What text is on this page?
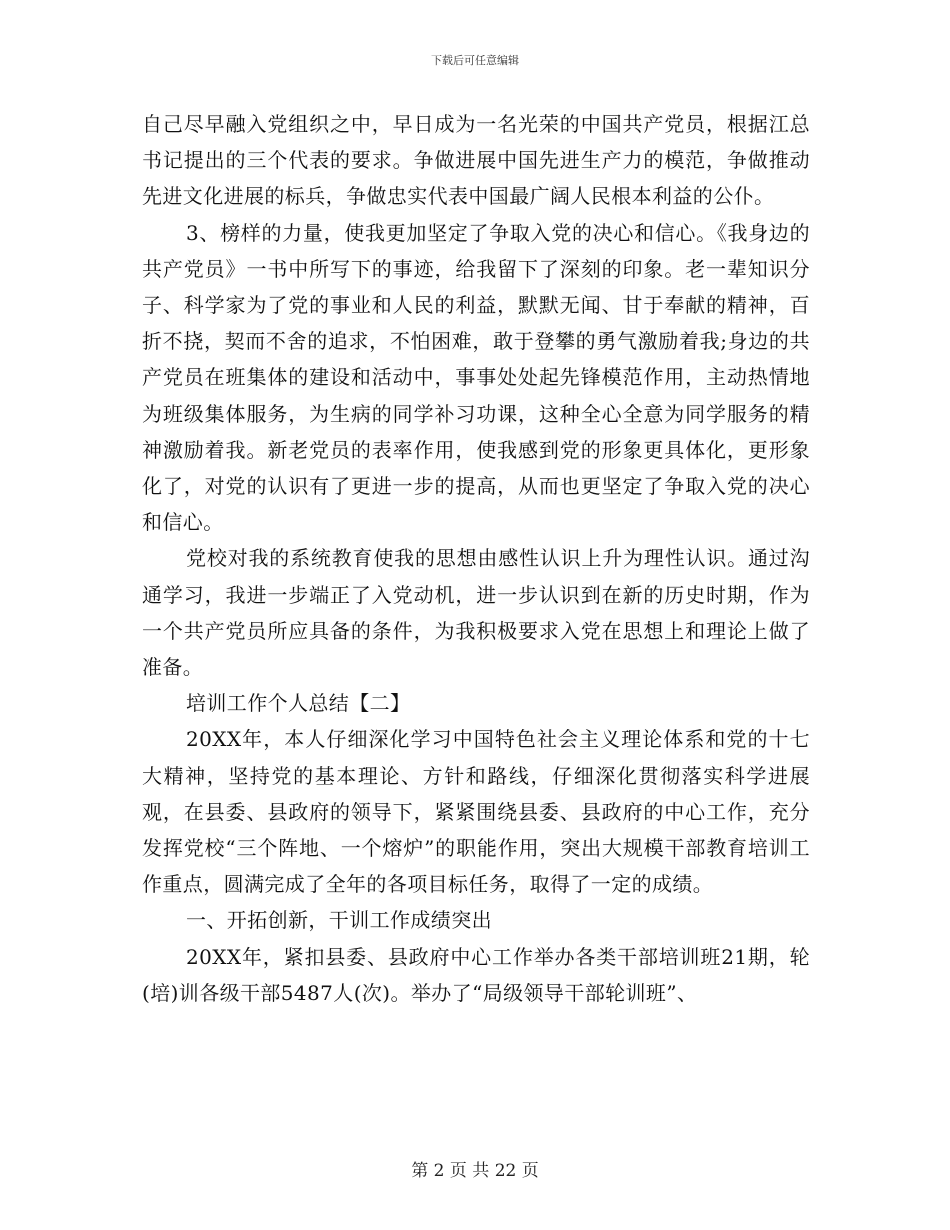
下载后可任意编辑

自己尽早融入党组织之中，早日成为一名光荣的中国共产党员，根据江总书记提出的三个代表的要求。争做进展中国先进生产力的模范，争做推动先进文化进展的标兵，争做忠实代表中国最广阔人民根本利益的公仆。

3、榜样的力量，使我更加坚定了争取入党的决心和信心。《我身边的共产党员》一书中所写下的事迹，给我留下了深刻的印象。老一辈知识分子、科学家为了党的事业和人民的利益，默默无闻、甘于奉献的精神，百折不挠，契而不舍的追求，不怕困难，敢于登攀的勇气激励着我;身边的共产党员在班集体的建设和活动中，事事处处起先锋模范作用，主动热情地为班级集体服务，为生病的同学补习功课，这种全心全意为同学服务的精神激励着我。新老党员的表率作用，使我感到党的形象更具体化，更形象化了，对党的认识有了更进一步的提高，从而也更坚定了争取入党的决心和信心。

党校对我的系统教育使我的思想由感性认识上升为理性认识。通过沟通学习，我进一步端正了入党动机，进一步认识到在新的历史时期，作为一个共产党员所应具备的条件，为我积极要求入党在思想上和理论上做了准备。

培训工作个人总结【二】

20XX年，本人仔细深化学习中国特色社会主义理论体系和党的十七大精神，坚持党的基本理论、方针和路线，仔细深化贯彻落实科学进展观，在县委、县政府的领导下，紧紧围绕县委、县政府的中心工作，充分发挥党校“三个阵地、一个熔炉”的职能作用，突出大规模干部教育培训工作重点，圆满完成了全年的各项目标任务，取得了一定的成绩。

一、开拓创新，干训工作成绩突出

20XX年，紧扣县委、县政府中心工作举办各类干部培训班21期，轮(培)训各级干部5487人(次)。举办了“局级领导干部轮训班”、

第 2 页 共 22 页
